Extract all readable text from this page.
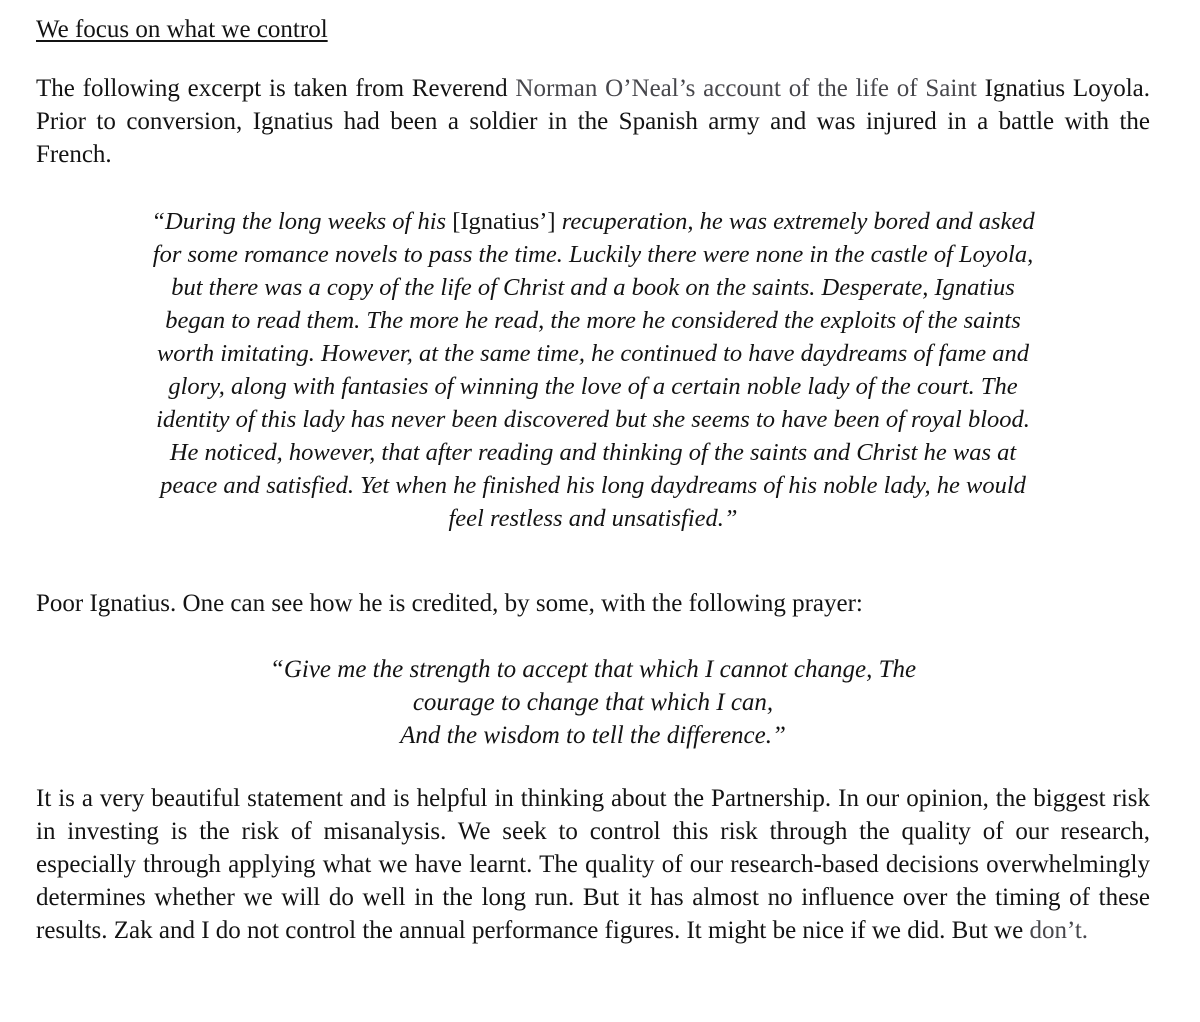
We focus on what we control

The following excerpt is taken from Reverend Norman O’Neal’s account of the life of Saint Ignatius Loyola. Prior to conversion, Ignatius had been a soldier in the Spanish army and was injured in a battle with the French.

“During the long weeks of his [Ignatius’] recuperation, he was extremely bored and asked
for some romance novels to pass the time. Luckily there were none in the castle of Loyola,
but there was a copy of the life of Christ and a book on the saints. Desperate, Ignatius
began to read them. The more he read, the more he considered the exploits of the saints
worth imitating. However, at the same time, he continued to have daydreams of fame and
glory, along with fantasies of winning the love of a certain noble lady of the court. The
identity of this lady has never been discovered but she seems to have been of royal blood.
He noticed, however, that after reading and thinking of the saints and Christ he was at
peace and satisfied. Yet when he finished his long daydreams of his noble lady, he would
feel restless and unsatisfied.”

Poor Ignatius. One can see how he is credited, by some, with the following prayer:

“Give me the strength to accept that which I cannot change, The
courage to change that which I can,
And the wisdom to tell the difference.”

It is a very beautiful statement and is helpful in thinking about the Partnership. In our opinion, the biggest risk in investing is the risk of misanalysis. We seek to control this risk through the quality of our research, especially through applying what we have learnt. The quality of our research-based decisions overwhelmingly determines whether we will do well in the long run. But it has almost no influence over the timing of these results. Zak and I do not control the annual performance figures. It might be nice if we did. But we don’t.
